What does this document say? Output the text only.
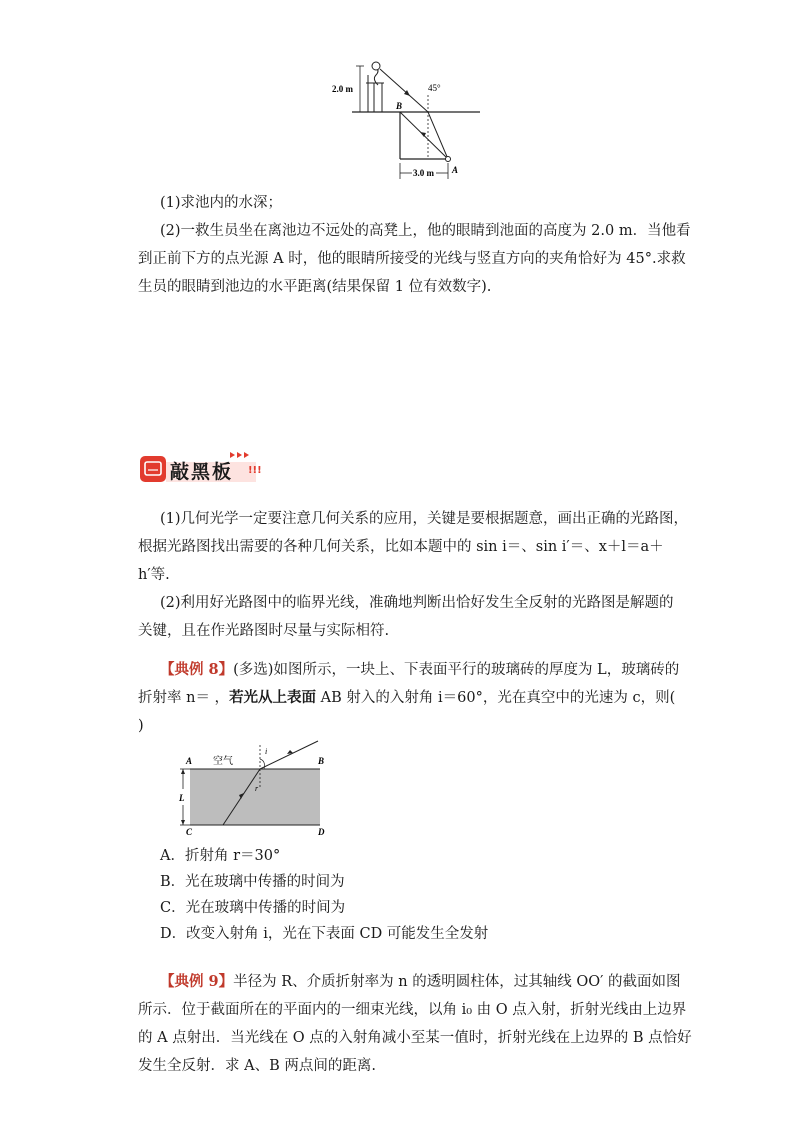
2.0 m	45°
B
A
3.0 m
(1)求池内的水深；
(2)一救生员坐在离池边不远处的高凳上，他的眼睛到池面的高度为 2.0 m．当他看
到正前下方的点光源 A 时，他的眼睛所接受的光线与竖直方向的夹角恰好为 45°.求救
生员的眼睛到池边的水平距离(结果保留 1 位有效数字).
敲黑板 !!!
(1)几何光学一定要注意几何关系的应用，关键是要根据题意，画出正确的光路图，
根据光路图找出需要的各种几何关系，比如本题中的 sin i＝、sin i′＝、x＋l＝a＋
h′等.
(2)利用好光路图中的临界光线，准确地判断出恰好发生全反射的光路图是解题的
关键，且在作光路图时尽量与实际相符.
【典例 8】(多选)如图所示，一块上、下表面平行的玻璃砖的厚度为 L，玻璃砖的
折射率 n＝ ，若光从上表面 AB 射入的入射角 i＝60°，光在真空中的光速为 c，则(
)
L
A	B
C	D
空气
i
r
A．折射角 r＝30°
B．光在玻璃中传播的时间为
C．光在玻璃中传播的时间为
D．改变入射角 i，光在下表面 CD 可能发生全发射
【典例 9】半径为 R、介质折射率为 n 的透明圆柱体，过其轴线 OO′ 的截面如图
所示．位于截面所在的平面内的一细束光线，以角 i₀ 由 O 点入射，折射光线由上边界
的 A 点射出．当光线在 O 点的入射角减小至某一值时，折射光线在上边界的 B 点恰好
发生全反射．求 A、B 两点间的距离.
